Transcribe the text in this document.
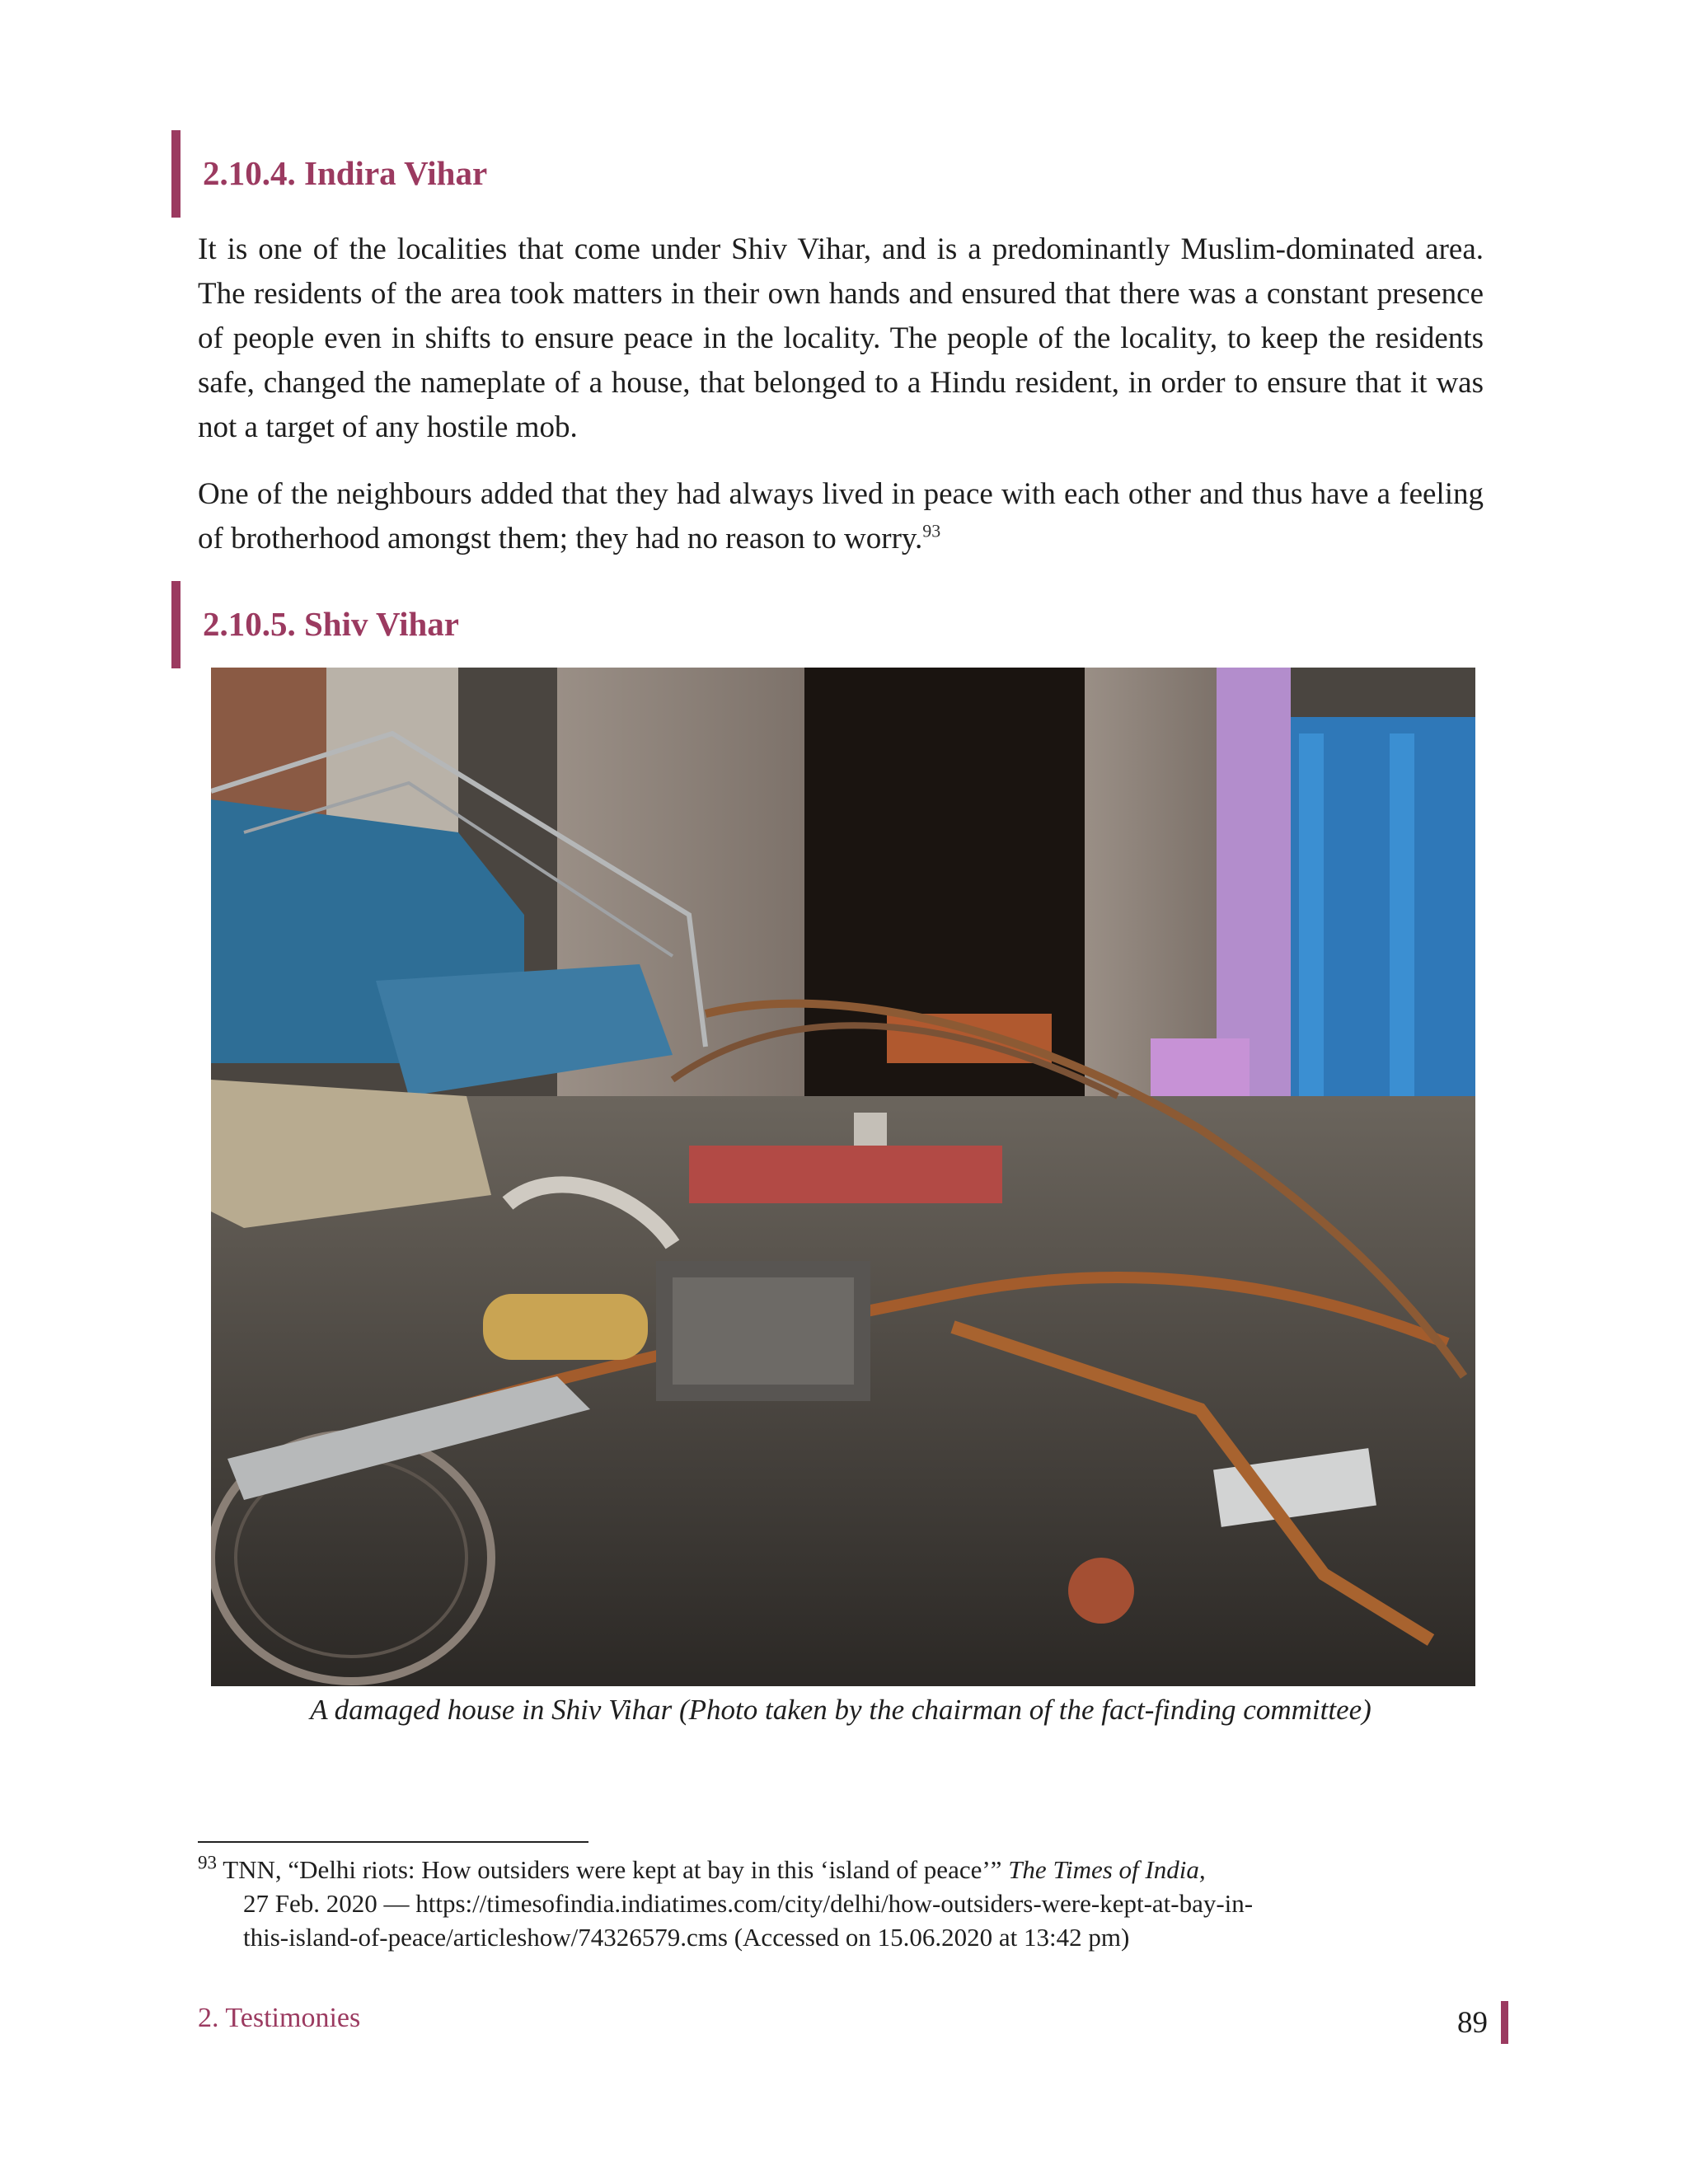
2.10.4. Indira Vihar

It is one of the localities that come under Shiv Vihar, and is a predominantly Muslim-dominated area. The residents of the area took matters in their own hands and ensured that there was a constant presence of people even in shifts to ensure peace in the locality. The people of the locality, to keep the residents safe, changed the nameplate of a house, that belonged to a Hindu resident, in order to ensure that it was not a target of any hostile mob.

One of the neighbours added that they had always lived in peace with each other and thus have a feeling of brotherhood amongst them; they had no reason to worry.$^{93}$

2.10.5. Shiv Vihar

A damaged house in Shiv Vihar (Photo taken by the chairman of the fact-finding committee)

$^{93}$ TNN, “Delhi riots: How outsiders were kept at bay in this ‘island of peace’” The Times of India,
27 Feb. 2020 — https://timesofindia.indiatimes.com/city/delhi/how-outsiders-were-kept-at-bay-in-
this-island-of-peace/articleshow/74326579.cms (Accessed on 15.06.2020 at 13:42 pm)

2. Testimonies	89
